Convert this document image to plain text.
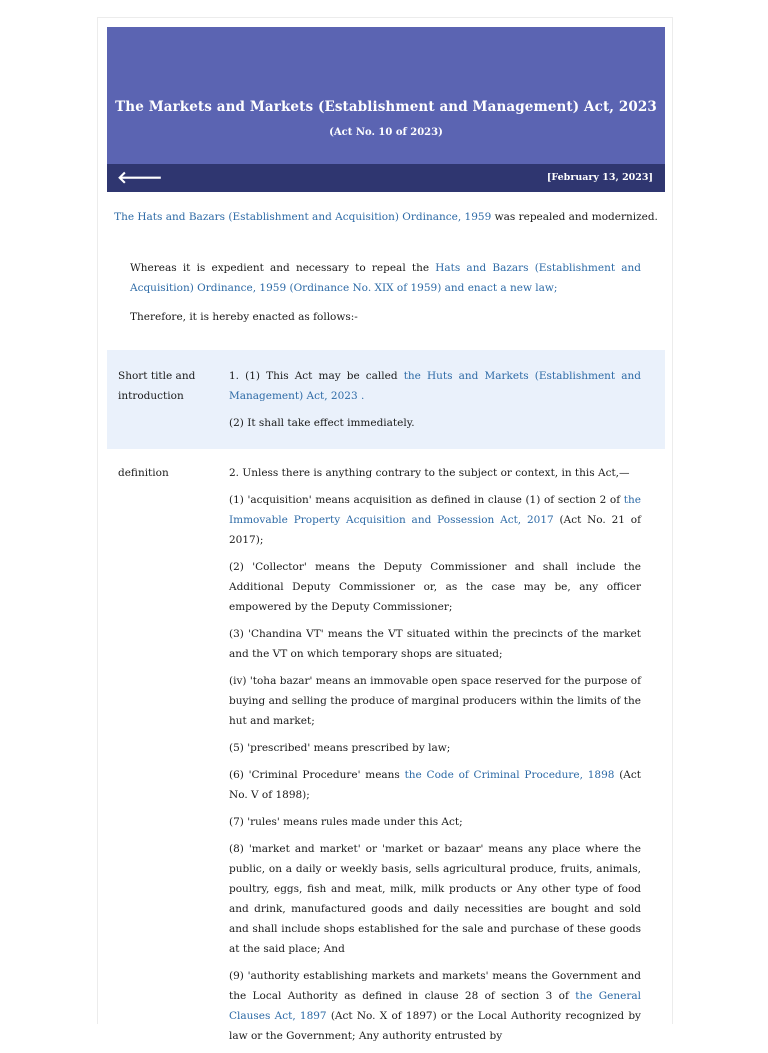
The Markets and Markets (Establishment and Management) Act, 2023
(Act No. 10 of 2023)
🡐	[February 13, 2023]

The Hats and Bazars (Establishment and Acquisition) Ordinance, 1959 was repealed and modernized.

Whereas it is expedient and necessary to repeal the Hats and Bazars (Establishment and Acquisition) Ordinance, 1959 (Ordinance No. XIX of 1959) and enact a new law;

Therefore, it is hereby enacted as follows:-

Short title and introduction

1. (1) This Act may be called the Huts and Markets (Establishment and Management) Act, 2023 .

(2) It shall take effect immediately.

definition	2. Unless there is anything contrary to the subject or context, in this Act,—

(1) 'acquisition' means acquisition as defined in clause (1) of section 2 of the Immovable Property Acquisition and Possession Act, 2017 (Act No. 21 of 2017);

(2) 'Collector' means the Deputy Commissioner and shall include the Additional Deputy Commissioner or, as the case may be, any officer empowered by the Deputy Commissioner;

(3) 'Chandina VT' means the VT situated within the precincts of the market and the VT on which temporary shops are situated;

(iv) 'toha bazar' means an immovable open space reserved for the purpose of buying and selling the produce of marginal producers within the limits of the hut and market;

(5) 'prescribed' means prescribed by law;

(6) 'Criminal Procedure' means the Code of Criminal Procedure, 1898 (Act No. V of 1898);

(7) 'rules' means rules made under this Act;

(8) 'market and market' or 'market or bazaar' means any place where the public, on a daily or weekly basis, sells agricultural produce, fruits, animals, poultry, eggs, fish and meat, milk, milk products or Any other type of food and drink, manufactured goods and daily necessities are bought and sold and shall include shops established for the sale and purchase of these goods at the said place; And

(9) 'authority establishing markets and markets' means the Government and the Local Authority as defined in clause 28 of section 3 of the General Clauses Act, 1897 (Act No. X of 1897) or the Local Authority recognized by law or the Government; Any authority entrusted by
